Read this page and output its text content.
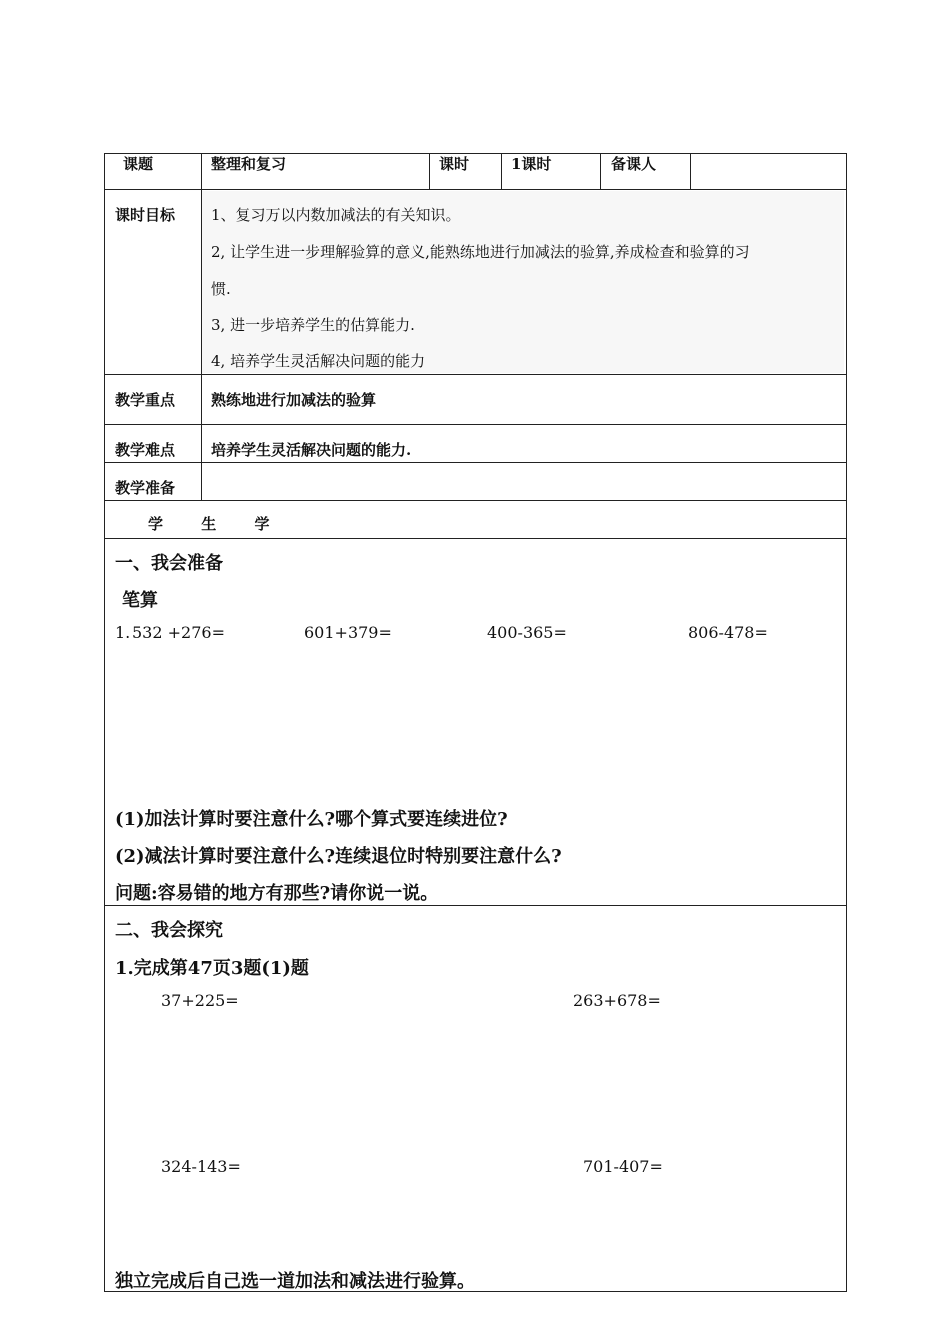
课题	整理和复习	课时	1课时	备课人
课时目标 1、复习万以内数加减法的有关知识。
2, 让学生进一步理解验算的意义,能熟练地进行加减法的验算,养成检查和验算的习
惯.
3, 进一步培养学生的估算能力.
4, 培养学生灵活解决问题的能力
教学重点 熟练地进行加减法的验算
教学难点 培养学生灵活解决问题的能力.
教学准备
学　 生　 学
一、我会准备
笔算
1. 532 +276=	601+379=	400-365=	806-478=
(1)加法计算时要注意什么?哪个算式要连续进位?
(2)减法计算时要注意什么?连续退位时特别要注意什么?
问题:容易错的地方有那些?请你说一说。
二、我会探究
1.完成第47页3题(1)题
37+225=	263+678=
324-143=	701-407=
独立完成后自己选一道加法和减法进行验算。
